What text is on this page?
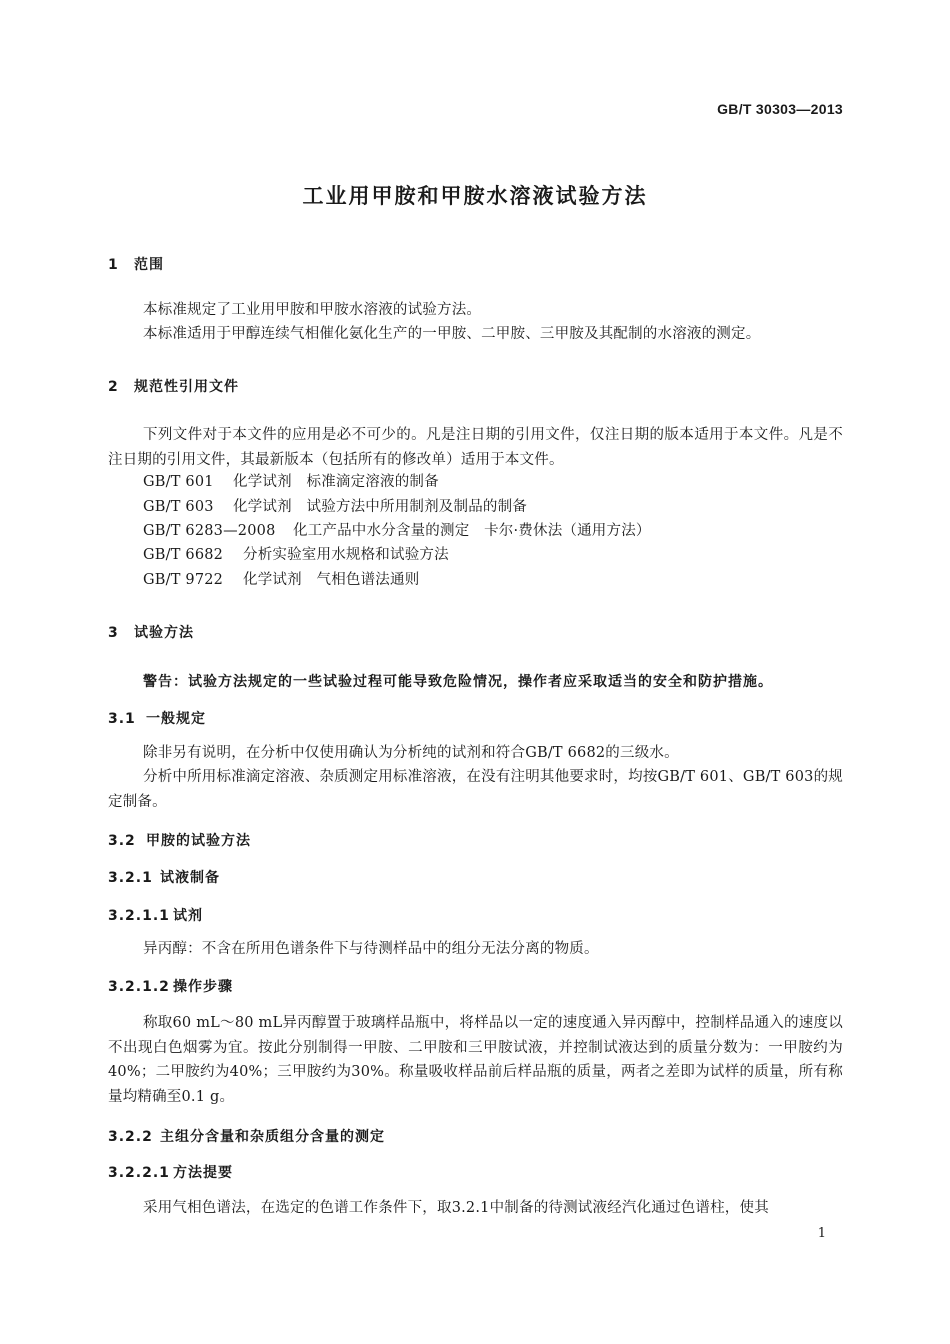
GB/T 30303—2013
工业用甲胺和甲胺水溶液试验方法
1 范围
本标准规定了工业用甲胺和甲胺水溶液的试验方法。
本标准适用于甲醇连续气相催化氨化生产的一甲胺、二甲胺、三甲胺及其配制的水溶液的测定。
2 规范性引用文件
下列文件对于本文件的应用是必不可少的。凡是注日期的引用文件，仅注日期的版本适用于本文件。凡是不注日期的引用文件，其最新版本（包括所有的修改单）适用于本文件。
GB/T 601 化学试剂　标准滴定溶液的制备
GB/T 603 化学试剂　试验方法中所用制剂及制品的制备
GB/T 6283—2008 化工产品中水分含量的测定　卡尔·费休法（通用方法）
GB/T 6682 分析实验室用水规格和试验方法
GB/T 9722 化学试剂　气相色谱法通则
3 试验方法
警告：试验方法规定的一些试验过程可能导致危险情况，操作者应采取适当的安全和防护措施。
3.1 一般规定
除非另有说明，在分析中仅使用确认为分析纯的试剂和符合GB/T 6682的三级水。
分析中所用标准滴定溶液、杂质测定用标准溶液，在没有注明其他要求时，均按GB/T 601、GB/T 603的规定制备。
3.2 甲胺的试验方法
3.2.1 试液制备
3.2.1.1 试剂
异丙醇：不含在所用色谱条件下与待测样品中的组分无法分离的物质。
3.2.1.2 操作步骤
称取60 mL～80 mL异丙醇置于玻璃样品瓶中，将样品以一定的速度通入异丙醇中，控制样品通入的速度以不出现白色烟雾为宜。按此分别制得一甲胺、二甲胺和三甲胺试液，并控制试液达到的质量分数为：一甲胺约为40%；二甲胺约为40%；三甲胺约为30%。称量吸收样品前后样品瓶的质量，两者之差即为试样的质量，所有称量均精确至0.1 g。
3.2.2 主组分含量和杂质组分含量的测定
3.2.2.1 方法提要
采用气相色谱法，在选定的色谱工作条件下，取3.2.1中制备的待测试液经汽化通过色谱柱，使其
1
